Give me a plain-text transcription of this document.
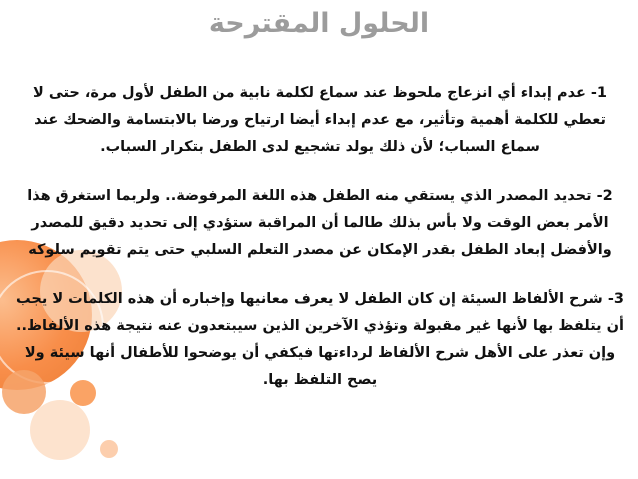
الحلول المقترحة

1- عدم إبداء أي انزعاج ملحوظ عند سماع لكلمة نابية من الطفل لأول مرة، حتى لا تعطي للكلمة أهمية وتأثير، مع عدم إبداء أيضا ارتياح ورضا بالابتسامة والضحك عند سماع السباب؛ لأن ذلك يولد تشجيع لدى الطفل بتكرار السباب.

2- تحديد المصدر الذي يستقي منه الطفل هذه اللغة المرفوضة.. ولربما استغرق هذا الأمر بعض الوقت ولا بأس بذلك طالما أن المراقبة ستؤدي إلى تحديد دقيق للمصدر والأفضل إبعاد الطفل بقدر الإمكان عن مصدر التعلم السلبي حتى يتم تقويم سلوكه

3- شرح الألفاظ السيئة إن كان الطفل لا يعرف معانيها وإخباره أن هذه الكلمات لا يجب أن يتلفظ بها لأنها غير مقبولة وتؤذي الآخرين الذين سيبتعدون عنه نتيجة هذه الألفاظ.. وإن تعذر على الأهل شرح الألفاظ لرداءتها فيكفي أن يوضحوا للأطفال أنها سيئة ولا يصح التلفظ بها.
